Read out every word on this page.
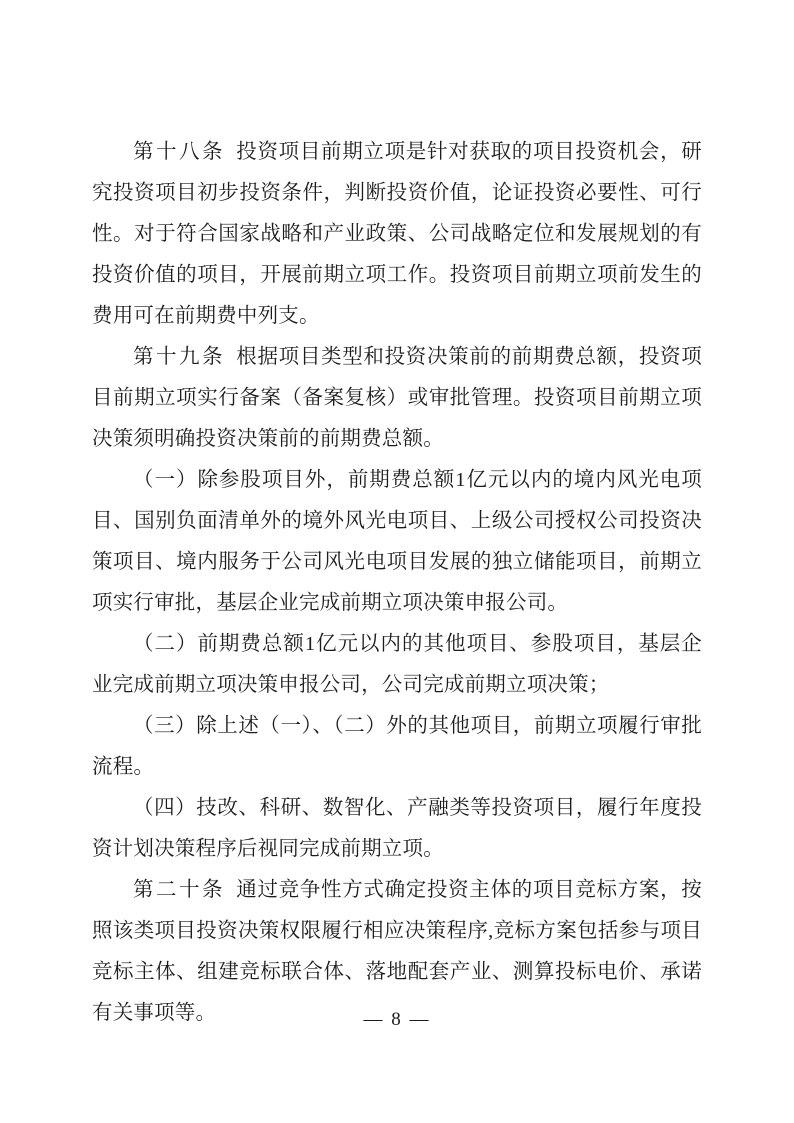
第十八条 投资项目前期立项是针对获取的项目投资机会，研究投资项目初步投资条件，判断投资价值，论证投资必要性、可行性。对于符合国家战略和产业政策、公司战略定位和发展规划的有投资价值的项目，开展前期立项工作。投资项目前期立项前发生的费用可在前期费中列支。

第十九条 根据项目类型和投资决策前的前期费总额，投资项目前期立项实行备案（备案复核）或审批管理。投资项目前期立项决策须明确投资决策前的前期费总额。

（一）除参股项目外，前期费总额1亿元以内的境内风光电项目、国别负面清单外的境外风光电项目、上级公司授权公司投资决策项目、境内服务于公司风光电项目发展的独立储能项目，前期立项实行审批，基层企业完成前期立项决策申报公司。

（二）前期费总额1亿元以内的其他项目、参股项目，基层企业完成前期立项决策申报公司，公司完成前期立项决策；

（三）除上述（一）、（二）外的其他项目，前期立项履行审批流程。

（四）技改、科研、数智化、产融类等投资项目，履行年度投资计划决策程序后视同完成前期立项。

第二十条 通过竞争性方式确定投资主体的项目竞标方案，按照该类项目投资决策权限履行相应决策程序,竞标方案包括参与项目竞标主体、组建竞标联合体、落地配套产业、测算投标电价、承诺有关事项等。	— 8 —
